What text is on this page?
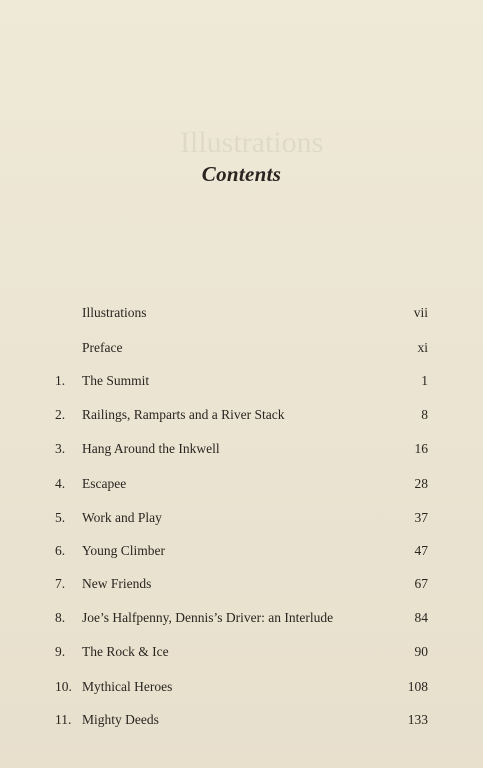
Illustrations
Contents
Illustrations	vii
Preface	xi
1.	The Summit	1
2.	Railings, Ramparts and a River Stack	8
3.	Hang Around the Inkwell	16
4.	Escapee	28
5.	Work and Play	37
6.	Young Climber	47
7.	New Friends	67
8.	Joe’s Halfpenny, Dennis’s Driver: an Interlude	84
9.	The Rock & Ice	90
10. Mythical Heroes	108
11. Mighty Deeds	133
